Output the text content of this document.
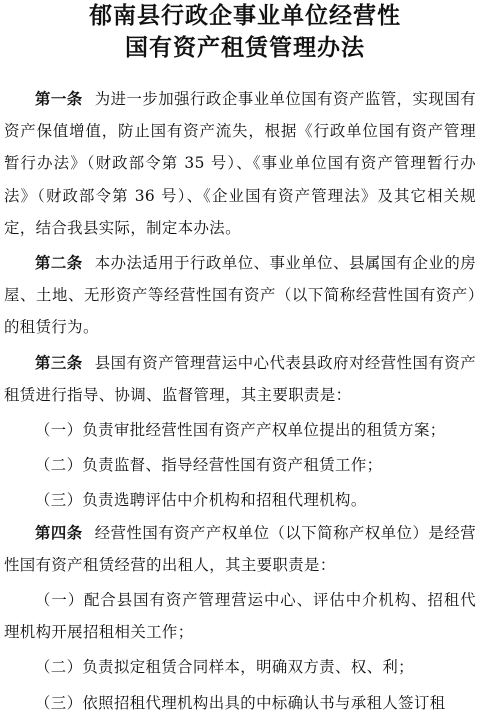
郁南县行政企事业单位经营性
国有资产租赁管理办法

第一条 为进一步加强行政企事业单位国有资产监管，实现国有资产保值增值，防止国有资产流失，根据《行政单位国有资产管理暂行办法》（财政部令第 35 号）、《事业单位国有资产管理暂行办法》（财政部令第 36 号）、《企业国有资产管理法》及其它相关规定，结合我县实际，制定本办法。

第二条 本办法适用于行政单位、事业单位、县属国有企业的房屋、土地、无形资产等经营性国有资产（以下简称经营性国有资产）的租赁行为。

第三条 县国有资产管理营运中心代表县政府对经营性国有资产租赁进行指导、协调、监督管理，其主要职责是：

（一）负责审批经营性国有资产产权单位提出的租赁方案；

（二）负责监督、指导经营性国有资产租赁工作；

（三）负责选聘评估中介机构和招租代理机构。

第四条 经营性国有资产产权单位（以下简称产权单位）是经营性国有资产租赁经营的出租人，其主要职责是：

（一）配合县国有资产管理营运中心、评估中介机构、招租代理机构开展招租相关工作；

（二）负责拟定租赁合同样本，明确双方责、权、利；

（三）依照招租代理机构出具的中标确认书与承租人签订租
